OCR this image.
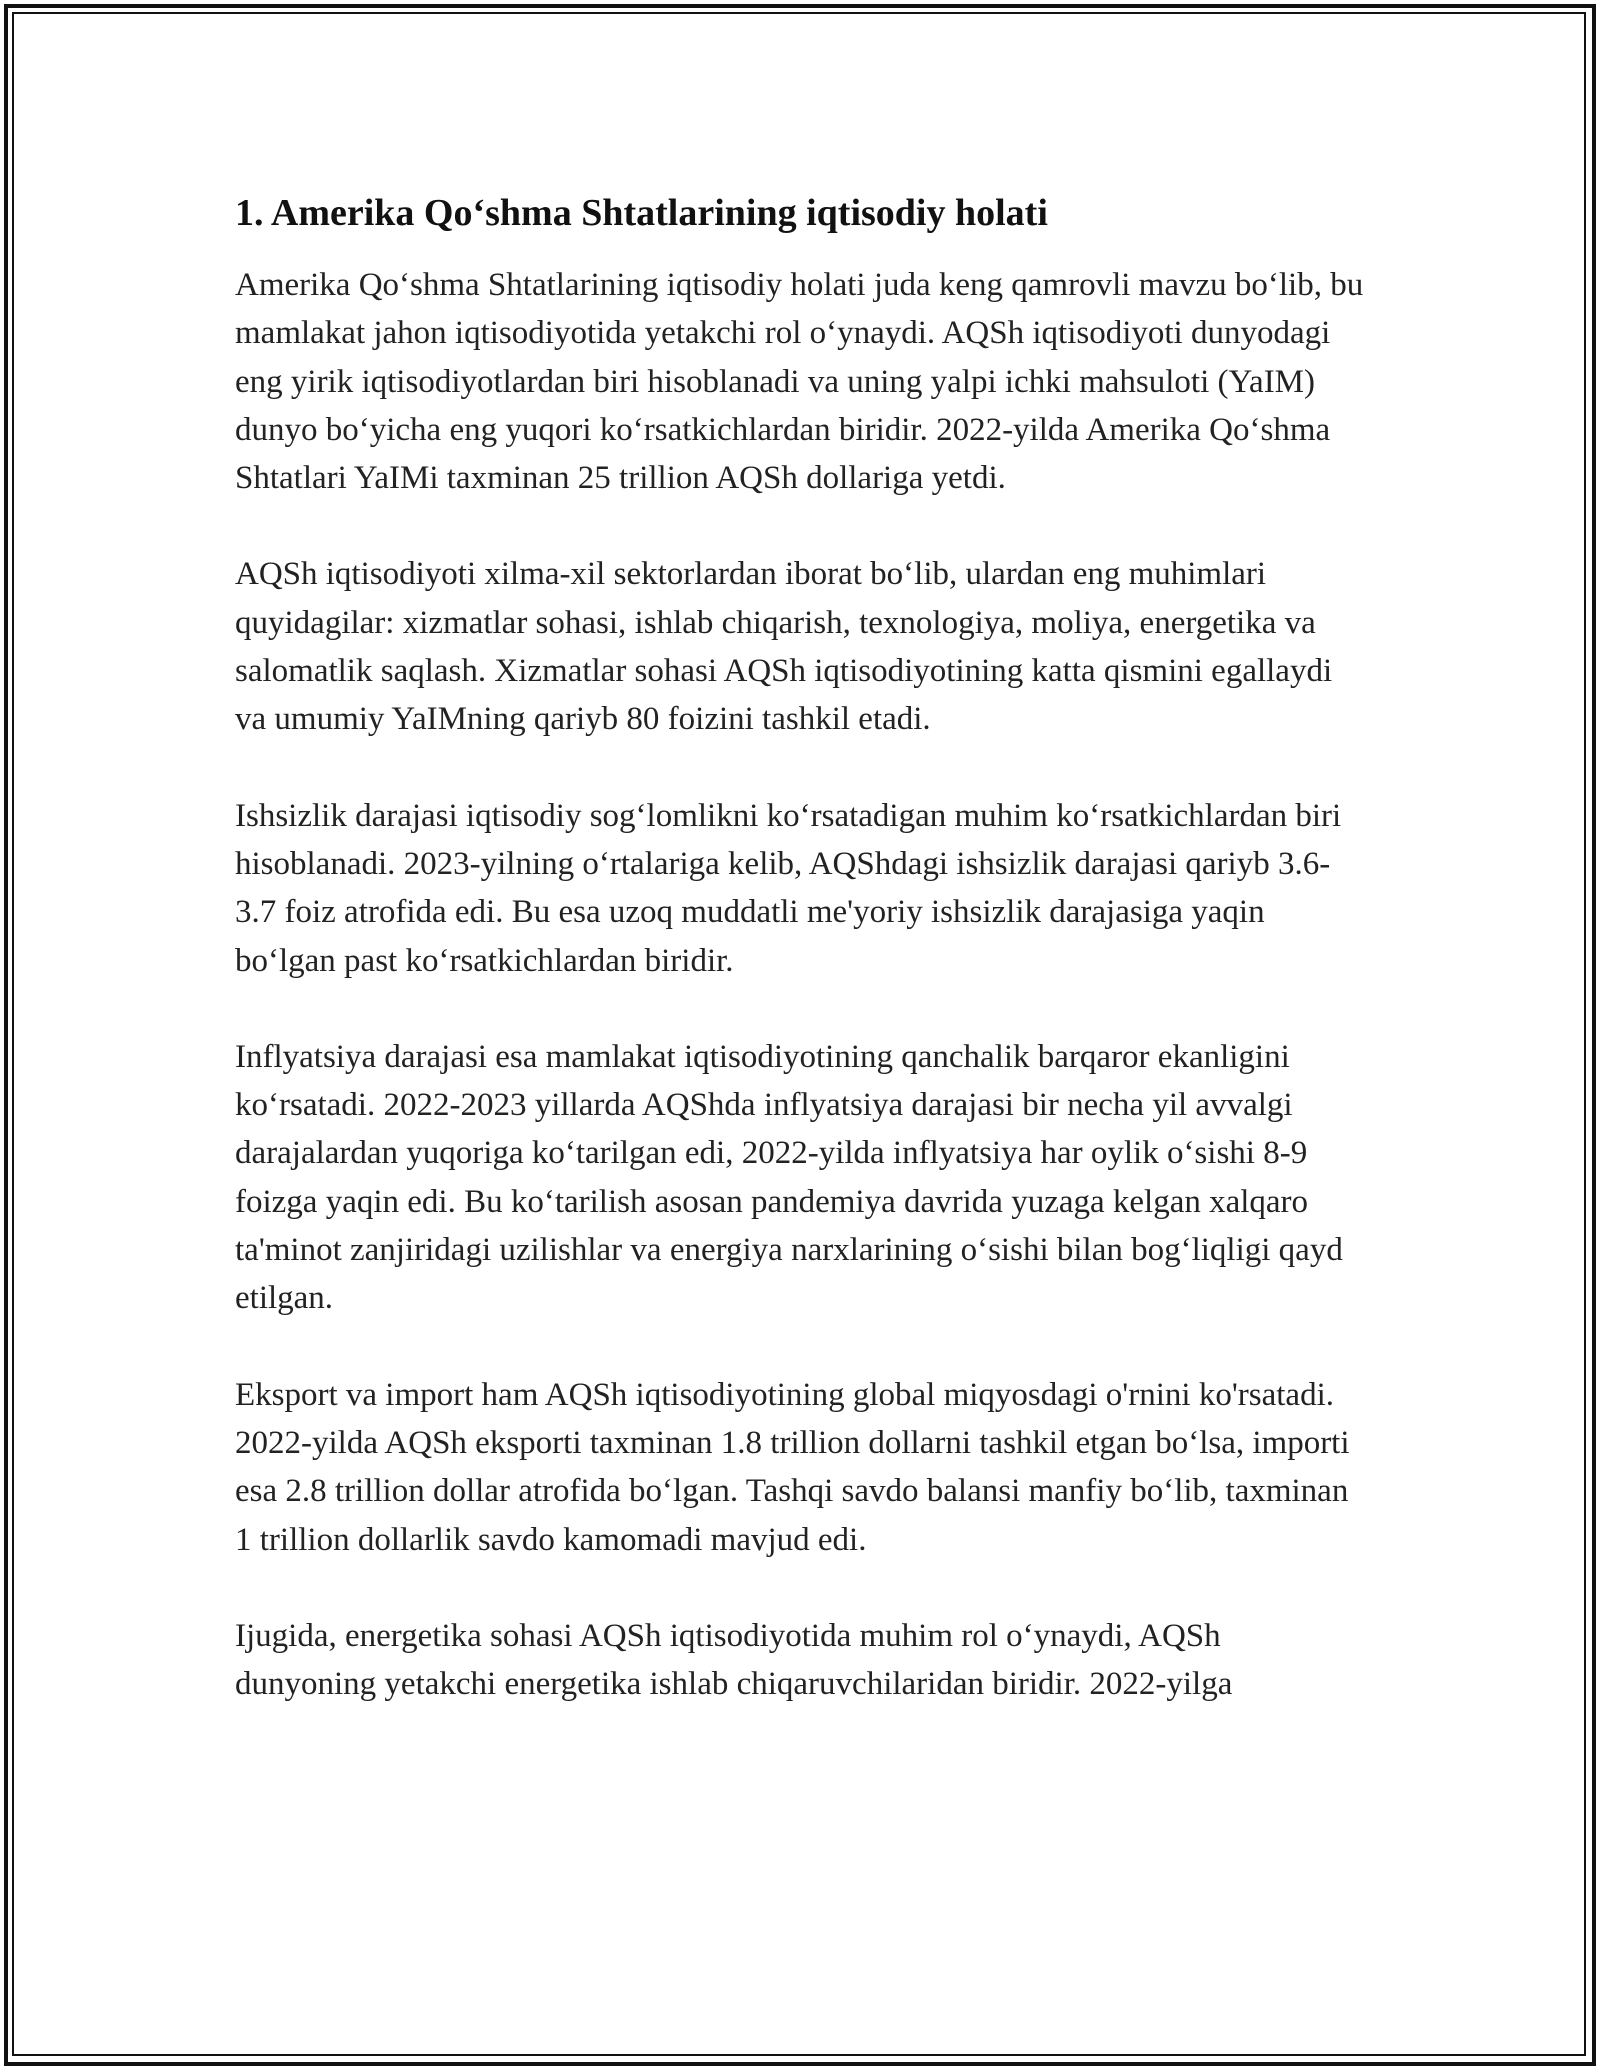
1. Amerika Qo‘shma Shtatlarining iqtisodiy holati

Amerika Qo‘shma Shtatlarining iqtisodiy holati juda keng qamrovli mavzu bo‘lib, bu mamlakat jahon iqtisodiyotida yetakchi rol o‘ynaydi. AQSh iqtisodiyoti dunyodagi eng yirik iqtisodiyotlardan biri hisoblanadi va uning yalpi ichki mahsuloti (YaIM) dunyo bo‘yicha eng yuqori ko‘rsatkichlardan biridir. 2022-yilda Amerika Qo‘shma Shtatlari YaIMi taxminan 25 trillion AQSh dollariga yetdi.

AQSh iqtisodiyoti xilma-xil sektorlardan iborat bo‘lib, ulardan eng muhimlari quyidagilar: xizmatlar sohasi, ishlab chiqarish, texnologiya, moliya, energetika va salomatlik saqlash. Xizmatlar sohasi AQSh iqtisodiyotining katta qismini egallaydi va umumiy YaIMning qariyb 80 foizini tashkil etadi.

Ishsizlik darajasi iqtisodiy sog‘lomlikni ko‘rsatadigan muhim ko‘rsatkichlardan biri hisoblanadi. 2023-yilning o‘rtalariga kelib, AQShdagi ishsizlik darajasi qariyb 3.6-3.7 foiz atrofida edi. Bu esa uzoq muddatli me'yoriy ishsizlik darajasiga yaqin bo‘lgan past ko‘rsatkichlardan biridir.

Inflyatsiya darajasi esa mamlakat iqtisodiyotining qanchalik barqaror ekanligini ko‘rsatadi. 2022-2023 yillarda AQShda inflyatsiya darajasi bir necha yil avvalgi darajalardan yuqoriga ko‘tarilgan edi, 2022-yilda inflyatsiya har oylik o‘sishi 8-9 foizga yaqin edi. Bu ko‘tarilish asosan pandemiya davrida yuzaga kelgan xalqaro ta'minot zanjiridagi uzilishlar va energiya narxlarining o‘sishi bilan bog‘liqligi qayd etilgan.

Eksport va import ham AQSh iqtisodiyotining global miqyosdagi o'rnini ko'rsatadi. 2022-yilda AQSh eksporti taxminan 1.8 trillion dollarni tashkil etgan bo‘lsa, importi esa 2.8 trillion dollar atrofida bo‘lgan. Tashqi savdo balansi manfiy bo‘lib, taxminan 1 trillion dollarlik savdo kamomadi mavjud edi.

Ijugida, energetika sohasi AQSh iqtisodiyotida muhim rol o‘ynaydi, AQSh dunyoning yetakchi energetika ishlab chiqaruvchilaridan biridir. 2022-yilga
